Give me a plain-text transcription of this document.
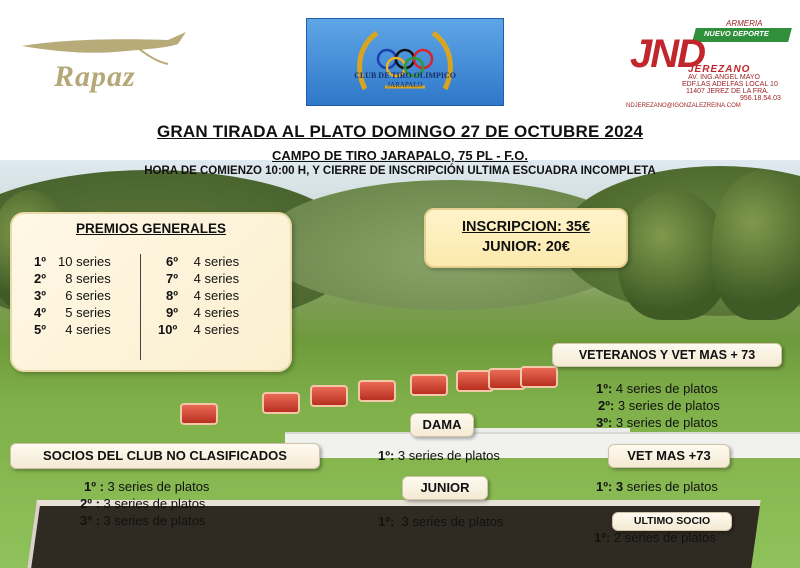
Rapaz	CLUB DE TIRO OLIMPICO
JARAPALO
ARMERIA
NUEVO DEPORTE
JND
JEREZANO
AV. ING.ANGEL MAYO
EDF.LAS ADELFAS LOCAL 10
11407 JEREZ DE LA FRA.
956.18.54.03
NDJEREZANO@IGONZALEZREINA.COM
GRAN TIRADA AL PLATO DOMINGO 27 DE OCTUBRE 2024
CAMPO DE TIRO JARAPALO, 75 PL - F.O.
HORA DE COMIENZO 10:00 H, Y CIERRE DE INSCRIPCIÓN ULTIMA ESCUADRA INCOMPLETA
PREMIOS GENERALES
1º 10 series
2º 8 series
3º 6 series
4º 5 series
5º 4 series
6º 4 series
7º 4 series
8º 4 series
9º 4 series
10º 4 series
INSCRIPCION: 35€
JUNIOR: 20€
VETERANOS Y VET MAS + 73
1º: 4 series de platos
2º: 3 series de platos
3º: 3 series de platos
DAMA
1º: 3 series de platos
SOCIOS DEL CLUB NO CLASIFICADOS
1º : 3 series de platos
2º : 3 series de platos
3º : 3 series de platos
VET MAS +73
1º: 3 series de platos
JUNIOR
1º:  3 series de platos	ULTIMO SOCIO
1º: 2 series de platos
